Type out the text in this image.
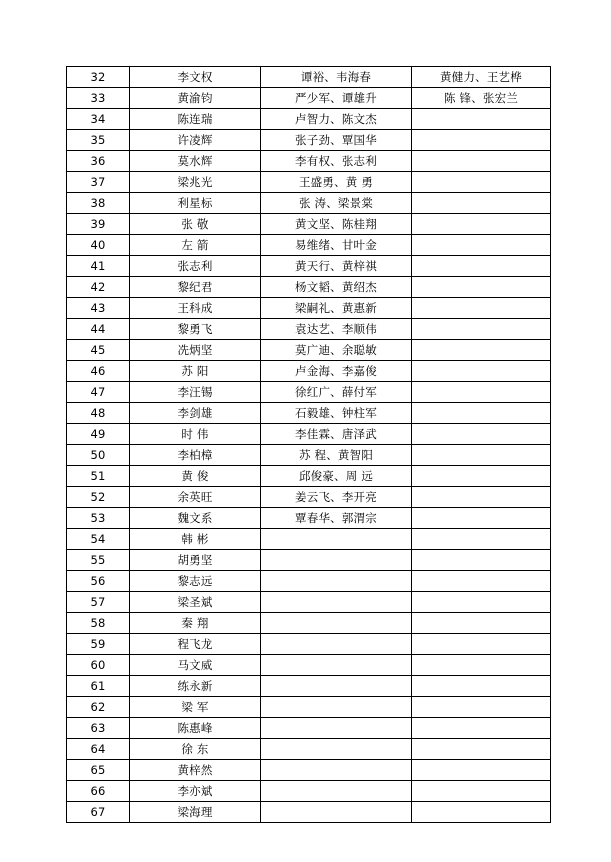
32	李文权	谭裕、韦海春	黄健力、王艺桦

33	黄渝钧	严少军、谭雄升	陈 锋、张宏兰

34	陈连瑞	卢智力、陈文杰	

35	许凌辉	张子劲、覃国华	

36	莫水辉	李有权、张志利	

37	梁兆光	王盛勇、黄 勇	

38	利星标	张 涛、梁景棠	

39	张 敬	黄文坚、陈桂翔	

40	左 箭	易维绪、甘叶金	

41	张志利	黄天行、黄梓祺	

42	黎纪君	杨文韬、黄绍杰	

43	王科成	梁嗣礼、黄惠新	

44	黎勇飞	袁达艺、李顺伟	

45	冼炳坚	莫广迪、余聪敏	

46	苏 阳	卢金海、李嘉俊	

47	李汪锡	徐红广、薛付军	

48	李剑雄	石毅雄、钟柱军	

49	时 伟	李佳霖、唐泽武	

50	李柏樟	苏 程、黄智阳	

51	黄 俊	邱俊豪、周 远	

52	余英旺	姜云飞、李开亮	

53	魏文系	覃春华、郭渭宗	

54	韩 彬		

55	胡勇坚		

56	黎志远		

57	梁圣斌		

58	秦 翔		

59	程飞龙		

60	马文威		

61	练永新		

62	梁 军		

63	陈惠峰		

64	徐 东		

65	黄梓然		

66	李亦斌		

67	梁海理		
